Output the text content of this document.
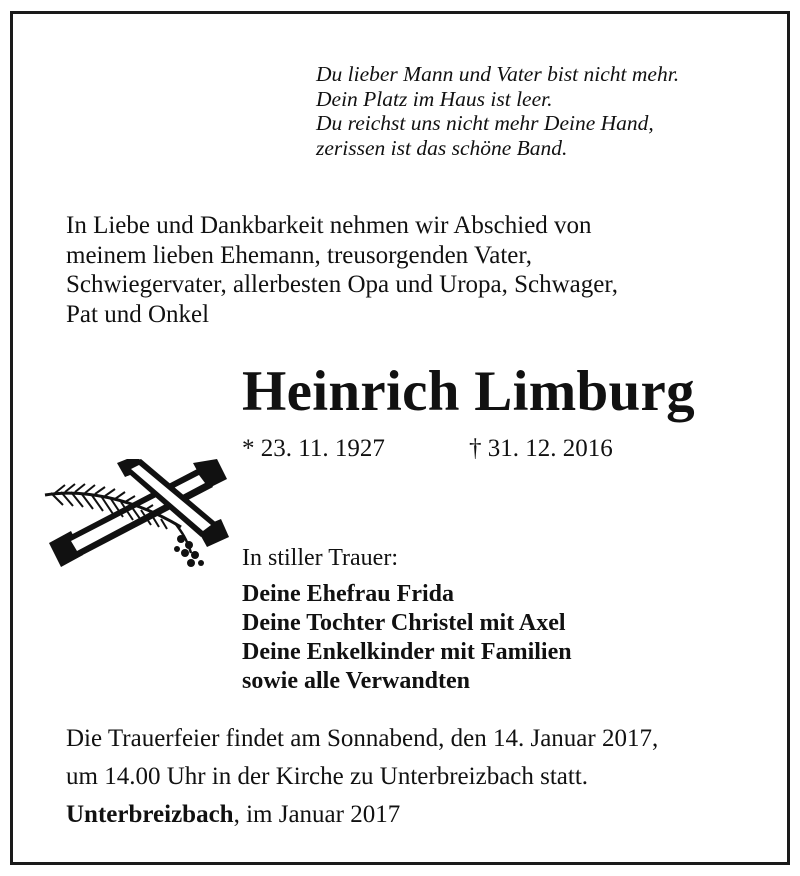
Du lieber Mann und Vater bist nicht mehr.
Dein Platz im Haus ist leer.
Du reichst uns nicht mehr Deine Hand,
zerissen ist das schöne Band.
In Liebe und Dankbarkeit nehmen wir Abschied von
meinem lieben Ehemann, treusorgenden Vater,
Schwiegervater, allerbesten Opa und Uropa, Schwager,
Pat und Onkel
Heinrich Limburg
* 23. 11. 1927	† 31. 12. 2016
In stiller Trauer:
Deine Ehefrau Frida
Deine Tochter Christel mit Axel
Deine Enkelkinder mit Familien
sowie alle Verwandten
Die Trauerfeier findet am Sonnabend, den 14. Januar 2017,
um 14.00 Uhr in der Kirche zu Unterbreizbach statt.
Unterbreizbach, im Januar 2017
